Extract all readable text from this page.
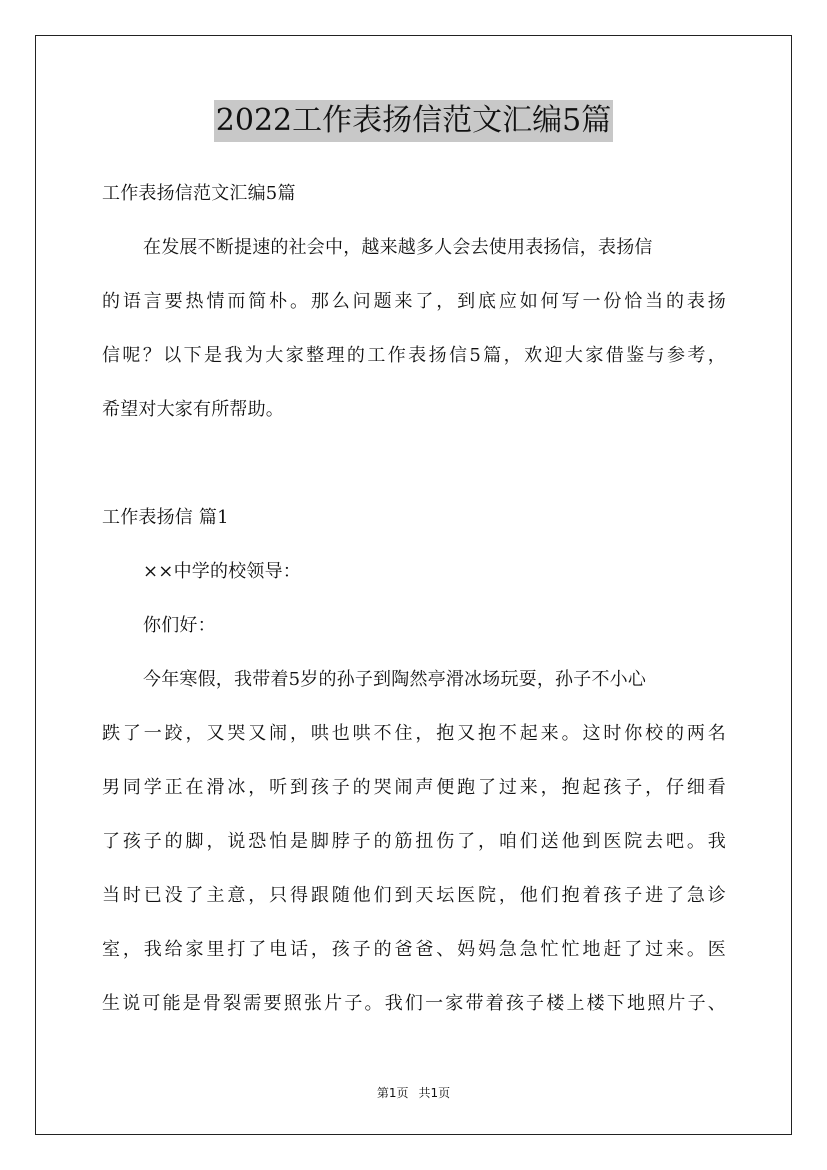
2022工作表扬信范文汇编5篇
工作表扬信范文汇编5篇
在发展不断提速的社会中，越来越多人会去使用表扬信，表扬信
的语言要热情而简朴。那么问题来了，到底应如何写一份恰当的表扬
信呢？以下是我为大家整理的工作表扬信5篇，欢迎大家借鉴与参考，
希望对大家有所帮助。
工作表扬信 篇1
××中学的校领导：
你们好：
今年寒假，我带着5岁的孙子到陶然亭滑冰场玩耍，孙子不小心
跌了一跤，又哭又闹，哄也哄不住，抱又抱不起来。这时你校的两名
男同学正在滑冰，听到孩子的哭闹声便跑了过来，抱起孩子，仔细看
了孩子的脚，说恐怕是脚脖子的筋扭伤了，咱们送他到医院去吧。我
当时已没了主意，只得跟随他们到天坛医院，他们抱着孩子进了急诊
室，我给家里打了电话，孩子的爸爸、妈妈急急忙忙地赶了过来。医
生说可能是骨裂需要照张片子。我们一家带着孩子楼上楼下地照片子、
第1页 共1页
